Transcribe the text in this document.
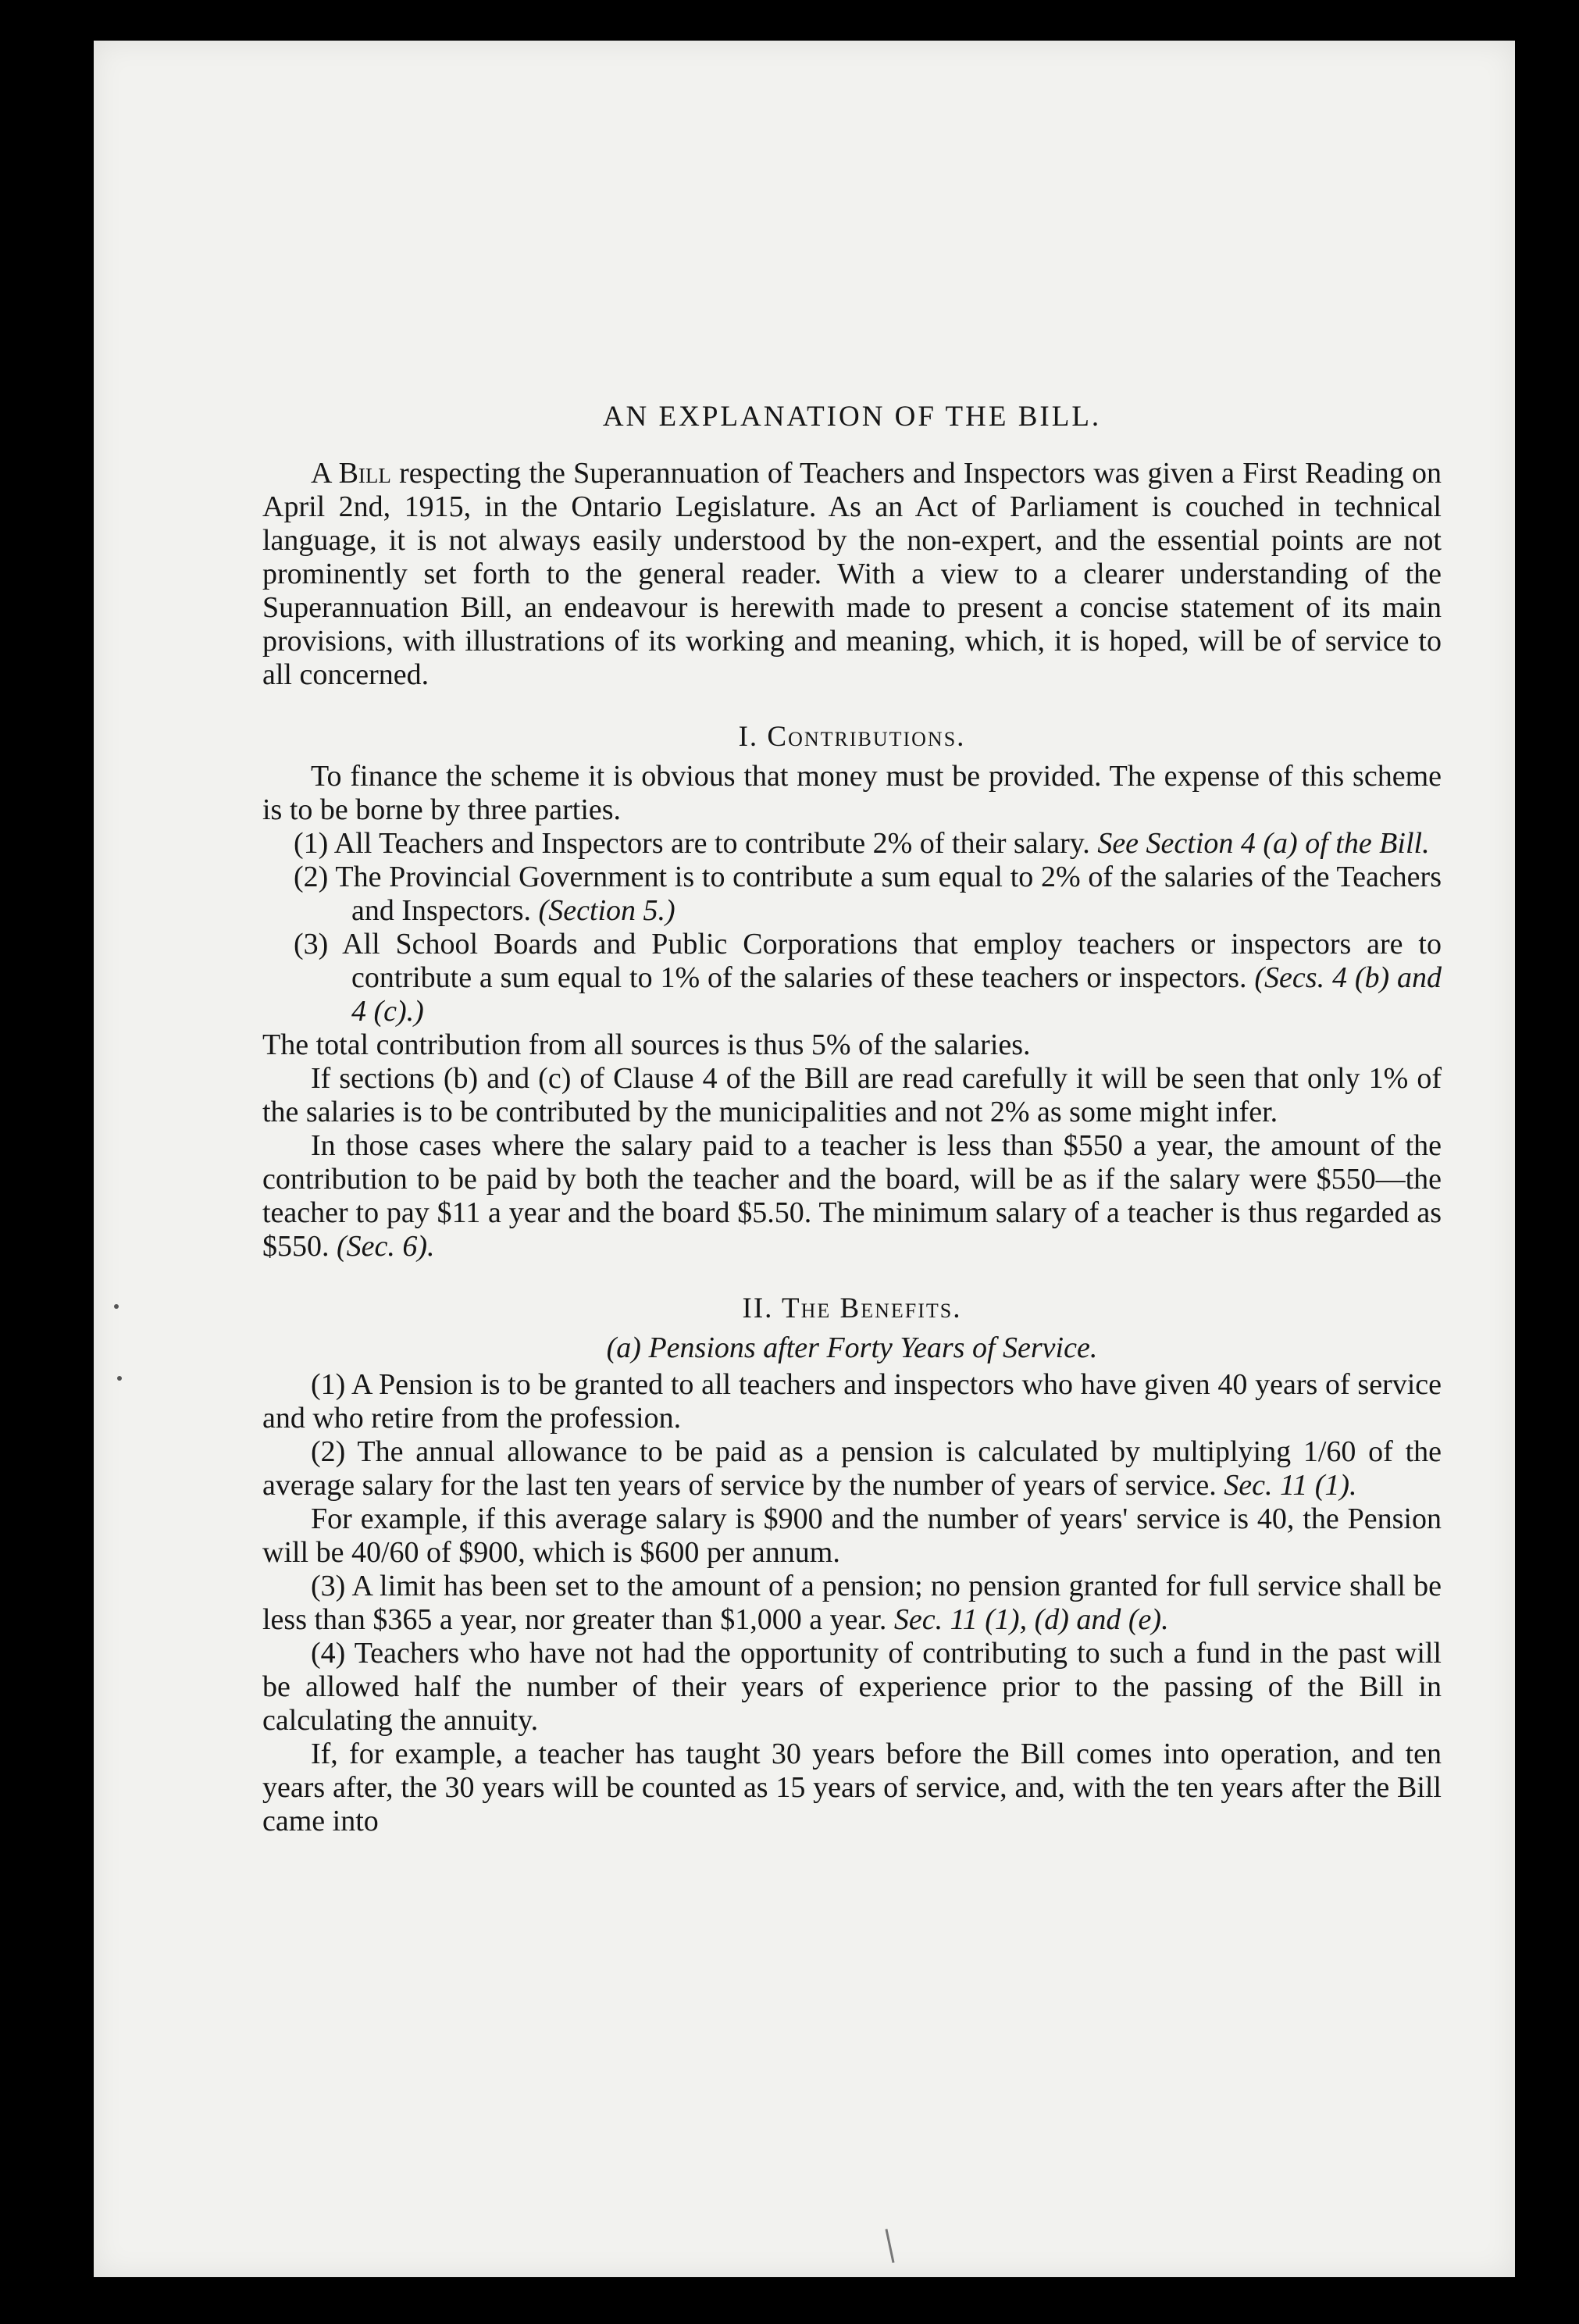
AN EXPLANATION OF THE BILL.

A Bill respecting the Superannuation of Teachers and Inspectors was given a First Reading on April 2nd, 1915, in the Ontario Legislature. As an Act of Parliament is couched in technical language, it is not always easily understood by the non-expert, and the essential points are not prominently set forth to the general reader. With a view to a clearer understanding of the Superannuation Bill, an endeavour is herewith made to present a concise statement of its main provisions, with illustrations of its working and meaning, which, it is hoped, will be of service to all concerned.

I. Contributions.

To finance the scheme it is obvious that money must be provided. The expense of this scheme is to be borne by three parties.

(1) All Teachers and Inspectors are to contribute 2% of their salary. See Section 4 (a) of the Bill.

(2) The Provincial Government is to contribute a sum equal to 2% of the salaries of the Teachers and Inspectors. (Section 5.)

(3) All School Boards and Public Corporations that employ teachers or inspectors are to contribute a sum equal to 1% of the salaries of these teachers or inspectors. (Secs. 4 (b) and 4 (c).)

The total contribution from all sources is thus 5% of the salaries.

If sections (b) and (c) of Clause 4 of the Bill are read carefully it will be seen that only 1% of the salaries is to be contributed by the municipalities and not 2% as some might infer.

In those cases where the salary paid to a teacher is less than $550 a year, the amount of the contribution to be paid by both the teacher and the board, will be as if the salary were $550—the teacher to pay $11 a year and the board $5.50. The minimum salary of a teacher is thus regarded as $550. (Sec. 6).

II. The Benefits.
(a) Pensions after Forty Years of Service.

(1) A Pension is to be granted to all teachers and inspectors who have given 40 years of service and who retire from the profession.

(2) The annual allowance to be paid as a pension is calculated by multiplying 1/60 of the average salary for the last ten years of service by the number of years of service. Sec. 11 (1).

For example, if this average salary is $900 and the number of years' service is 40, the Pension will be 40/60 of $900, which is $600 per annum.

(3) A limit has been set to the amount of a pension; no pension granted for full service shall be less than $365 a year, nor greater than $1,000 a year. Sec. 11 (1), (d) and (e).

(4) Teachers who have not had the opportunity of contributing to such a fund in the past will be allowed half the number of their years of experience prior to the passing of the Bill in calculating the annuity.

If, for example, a teacher has taught 30 years before the Bill comes into operation, and ten years after, the 30 years will be counted as 15 years of service, and, with the ten years after the Bill came into
